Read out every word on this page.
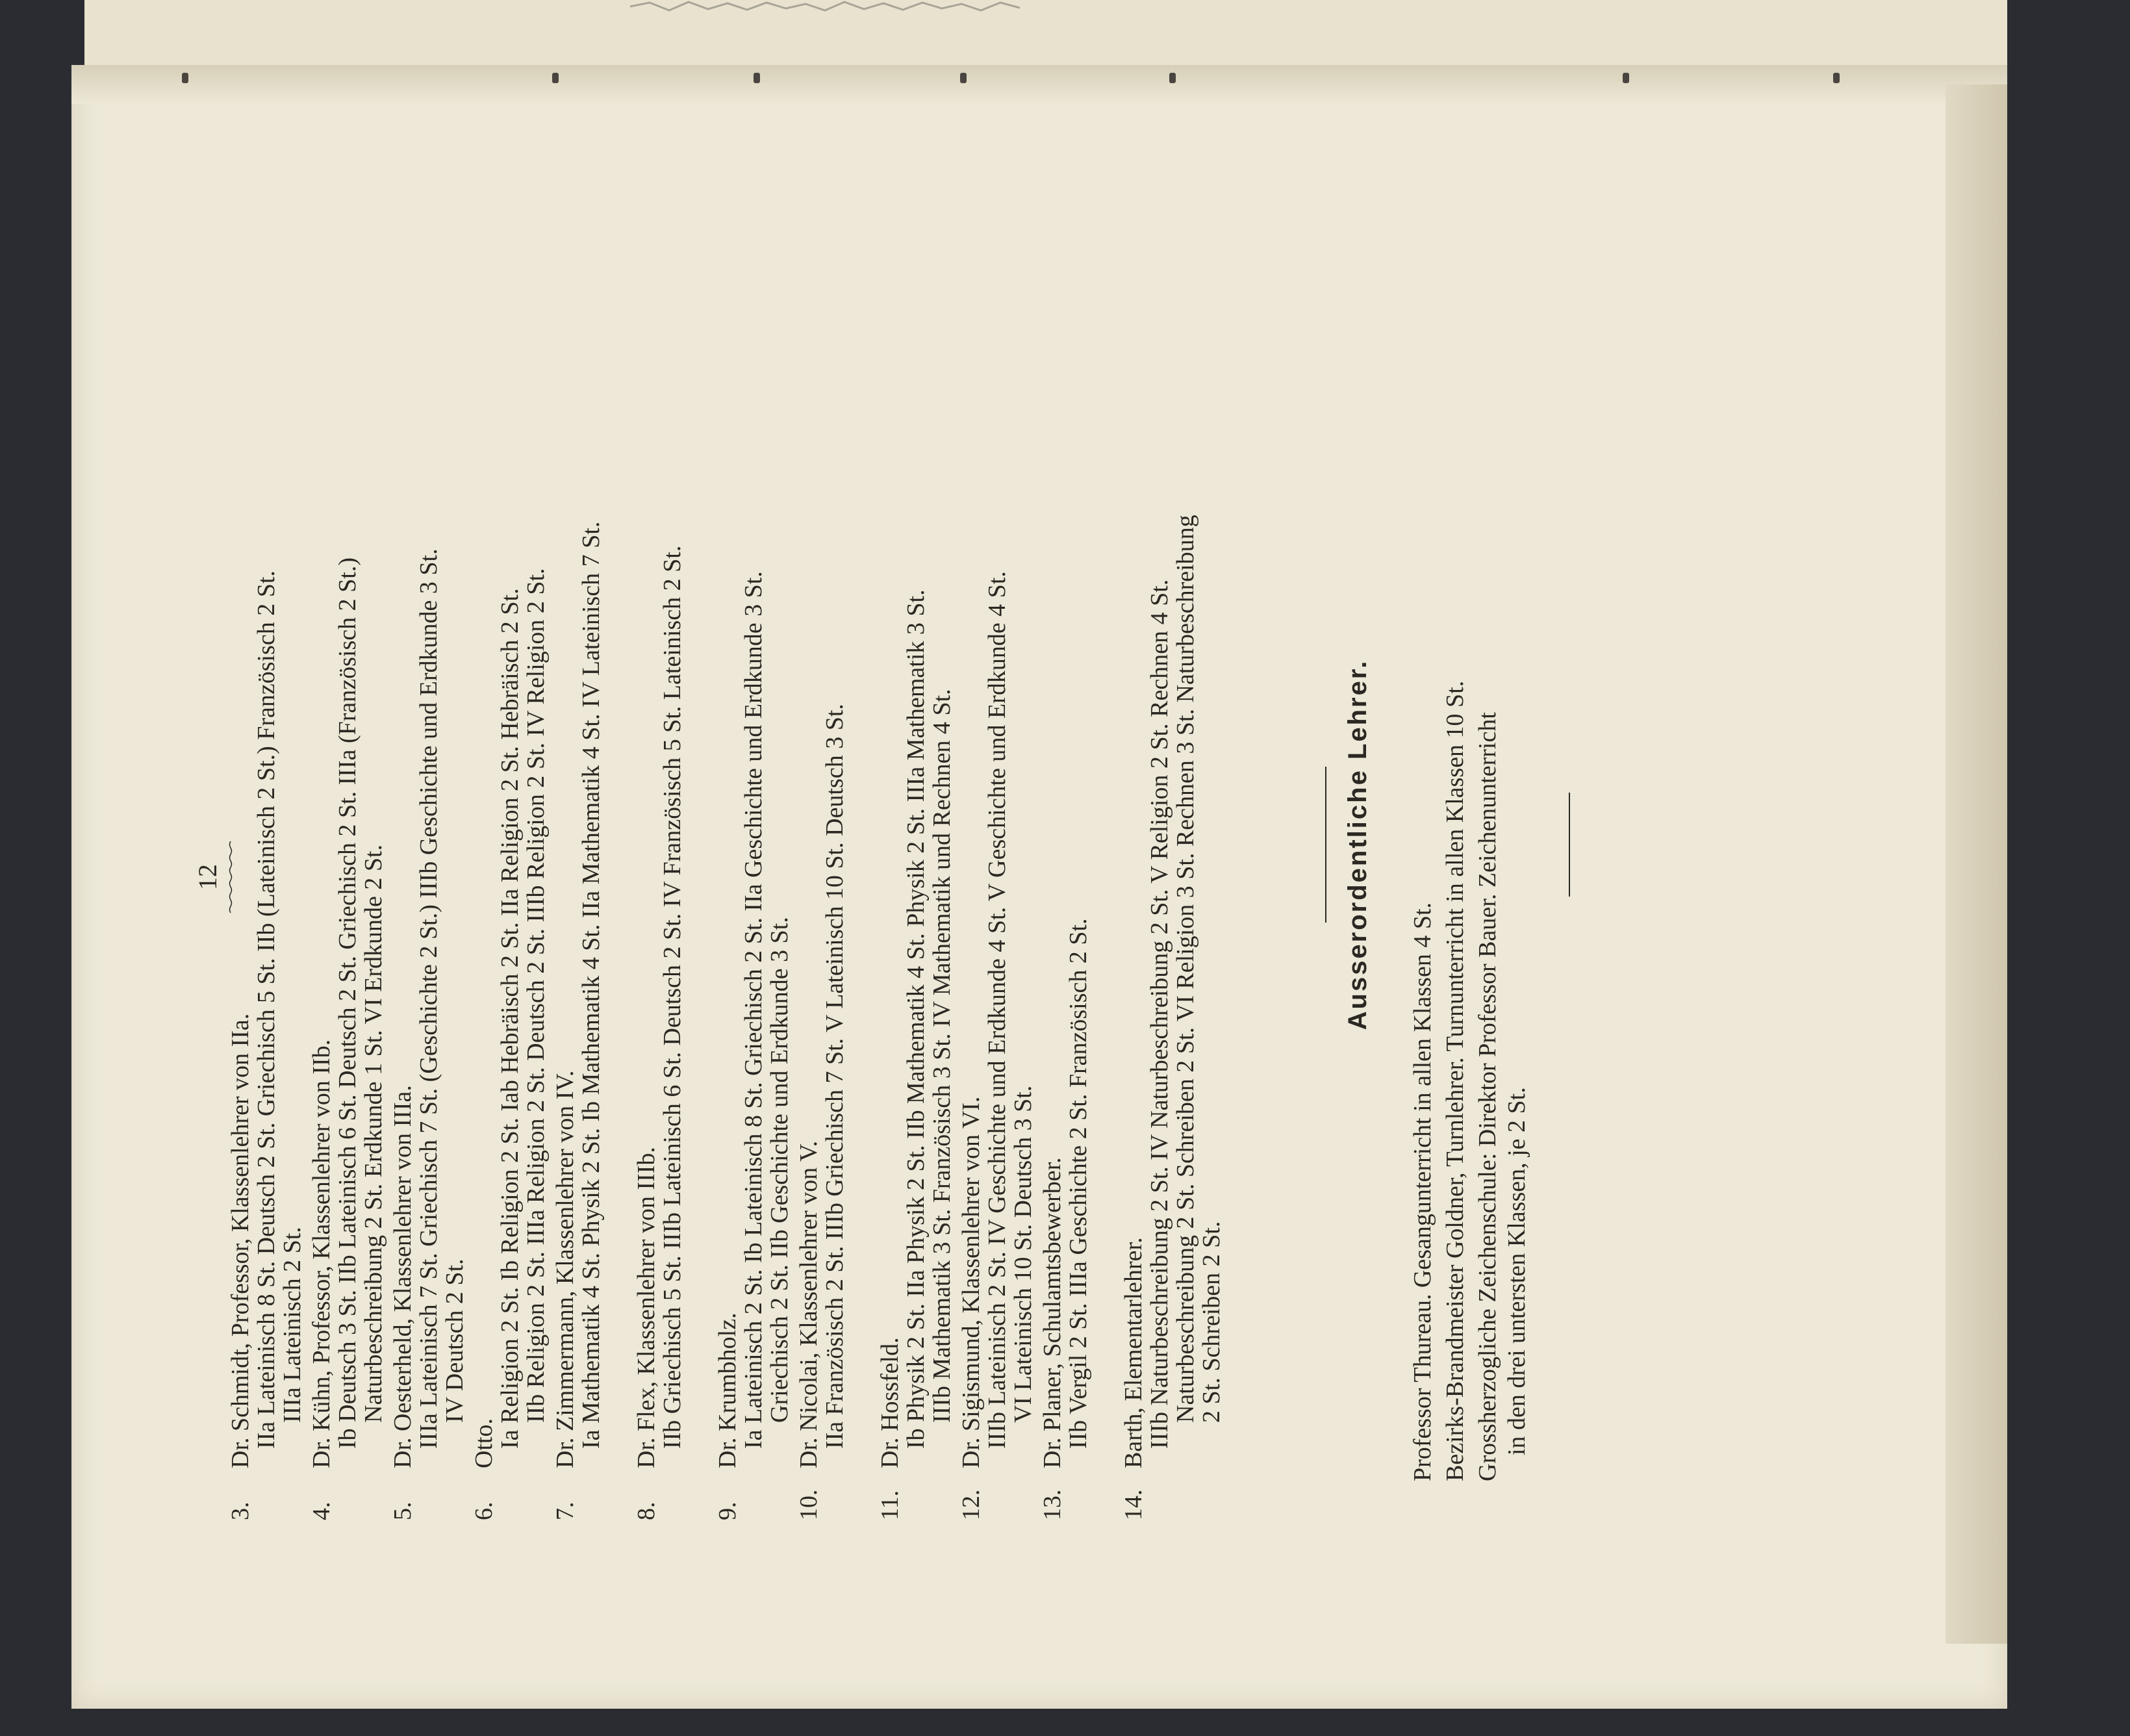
12
3.
Dr. Schmidt, Professor, Klassenlehrer von IIa.
IIa Lateinisch 8 St. Deutsch 2 St. Griechisch 5 St. IIb (Lateinisch 2 St.) Französisch 2 St.
IIIa Lateinisch 2 St.
4.
Dr. Kühn, Professor, Klassenlehrer von IIb.
Ib Deutsch 3 St. IIb Lateinisch 6 St. Deutsch 2 St. Griechisch 2 St. IIIa (Französisch 2 St.)
Naturbeschreibung 2 St. Erdkunde 1 St. VI Erdkunde 2 St.
5.
Dr. Oesterheld, Klassenlehrer von IIIa.
IIIa Lateinisch 7 St. Griechisch 7 St. (Geschichte 2 St.) IIIb Geschichte und Erdkunde 3 St.
IV Deutsch 2 St.
6.
Otto.
Ia Religion 2 St. Ib Religion 2 St. Iab Hebräisch 2 St. IIa Religion 2 St. Hebräisch 2 St.
IIb Religion 2 St. IIIa Religion 2 St. Deutsch 2 St. IIIb Religion 2 St. IV Religion 2 St.
7.
Dr. Zimmermann, Klassenlehrer von IV.
Ia Mathematik 4 St. Physik 2 St. Ib Mathematik 4 St. IIa Mathematik 4 St. IV Lateinisch 7 St.
8.
Dr. Flex, Klassenlehrer von IIIb.
IIb Griechisch 5 St. IIIb Lateinisch 6 St. Deutsch 2 St. IV Französisch 5 St. Lateinisch 2 St.
9.
Dr. Krumbholz.
Ia Lateinisch 2 St. Ib Lateinisch 8 St. Griechisch 2 St. IIa Geschichte und Erdkunde 3 St.
Griechisch 2 St. IIb Geschichte und Erdkunde 3 St.
10.
Dr. Nicolai, Klassenlehrer von V.
IIa Französisch 2 St. IIIb Griechisch 7 St. V Lateinisch 10 St. Deutsch 3 St.
11.
Dr. Hossfeld.
Ib Physik 2 St. IIa Physik 2 St. IIb Mathematik 4 St. Physik 2 St. IIIa Mathematik 3 St.
IIIb Mathematik 3 St. Französisch 3 St. IV Mathematik und Rechnen 4 St.
12.
Dr. Sigismund, Klassenlehrer von VI.
IIIb Lateinisch 2 St. IV Geschichte und Erdkunde 4 St. V Geschichte und Erdkunde 4 St.
VI Lateinisch 10 St. Deutsch 3 St.
13.
Dr. Planer, Schulamtsbewerber.
IIb Vergil 2 St. IIIa Geschichte 2 St. Französisch 2 St.
14.
Barth, Elementarlehrer.
IIIb Naturbeschreibung 2 St. IV Naturbeschreibung 2 St. V Religion 2 St. Rechnen 4 St.
Naturbeschreibung 2 St. Schreiben 2 St. VI Religion 3 St. Rechnen 3 St. Naturbeschreibung
2 St. Schreiben 2 St.
Ausserordentliche Lehrer.
Professor Thureau. Gesangunterricht in allen Klassen 4 St. Bezirks-Brandmeister Goldner, Turnlehrer. Turnunterricht in allen Klassen 10 St. Grossherzogliche Zeichenschule: Direktor Professor Bauer. Zeichenunterricht in den drei untersten Klassen, je 2 St.
